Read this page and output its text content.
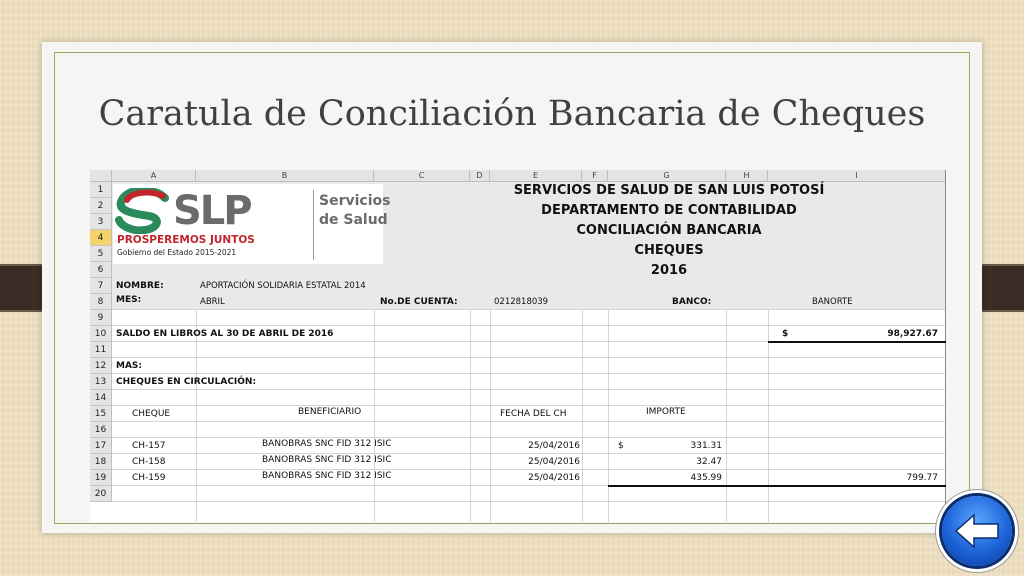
Caratula de Conciliación Bancaria de Cheques
A	B	C	D	E	F	G	H	I
1
2
3
4
5
6
7
8
9
10
11
12
13
14
15
16
17
18
19
20
SLP	Servicios
de Salud
PROSPEREMOS JUNTOS
Gobierno del Estado 2015-2021
SERVICIOS DE SALUD DE SAN LUIS POTOSÍ
DEPARTAMENTO DE CONTABILIDAD
CONCILIACIÓN BANCARIA
CHEQUES
2016
NOMBRE:	APORTACIÓN SOLIDARIA ESTATAL 2014
MES:	ABRIL	No.DE CUENTA:	0212818039	BANCO:	BANORTE
SALDO EN LIBROS AL 30 DE ABRIL DE 2016	$	98,927.67
MAS:
CHEQUES EN CIRCULACIÓN:
CHEQUE	BENEFICIARIO	FECHA DEL CH	IMPORTE
CH-157	BANOBRAS SNC FID 312 ISIC	25/04/2016	$	331.31
CH-158	BANOBRAS SNC FID 312 ISIC	25/04/2016	32.47
CH-159	BANOBRAS SNC FID 312 ISIC	25/04/2016	435.99	799.77
